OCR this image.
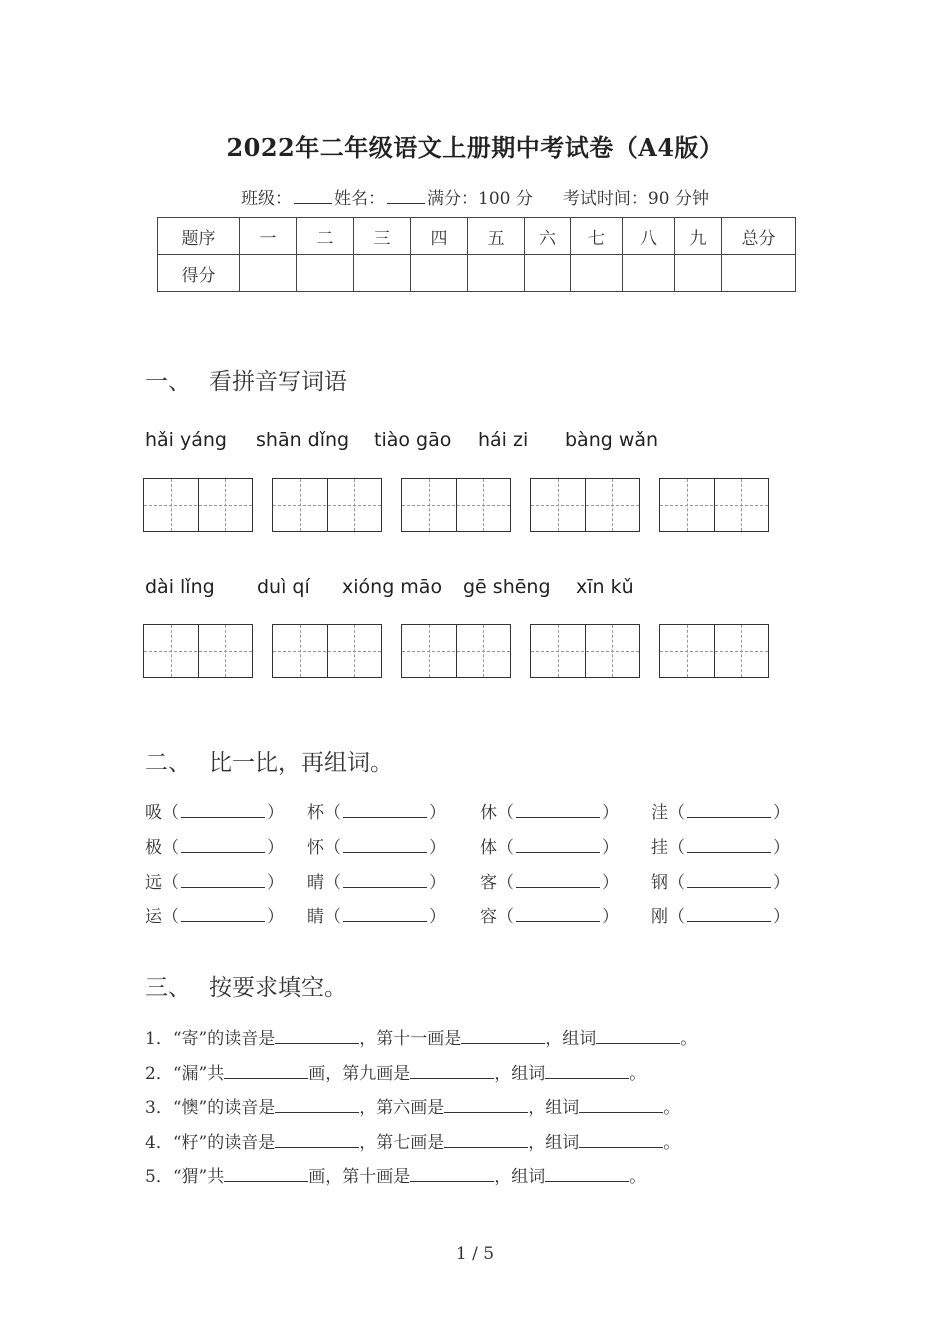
2022年二年级语文上册期中考试卷（A4版）
班级： 姓名： 满分：100 分 考试时间：90 分钟
题序	一	二	三	四	五	六	七	八	九	总分
得分										
一、 看拼音写词语
hǎi yáng shān dǐng tiào gāo hái zi bàng wǎn
dài lǐng duì qí xióng māo gē shēng xīn kǔ
二、 比一比，再组词。
吸（	） 杯（	） 休（	） 洼（	）
极（	） 怀（	） 体（	） 挂（	）
远（	） 晴（	） 客（	） 钢（	）
运（	） 睛（	） 容（	） 刚（	）
三、 按要求填空。
1．“寄”的读音是	，第十一画是	，组词	。
2．“漏”共	画，第九画是	，组词	。
3．“懊”的读音是	，第六画是	，组词	。
4．“籽”的读音是	，第七画是	，组词	。
5．“猬”共	画，第十画是	，组词	。
1 / 5
